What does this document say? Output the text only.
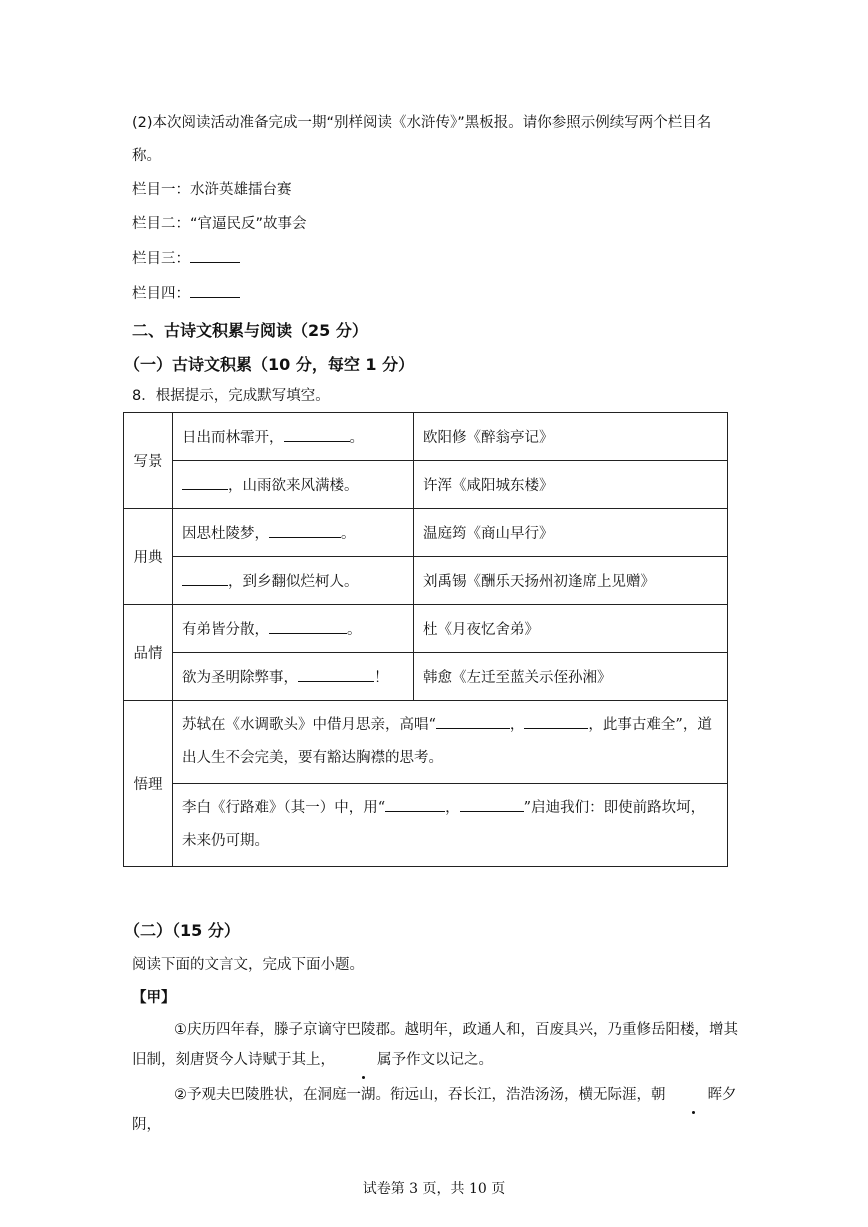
(2)本次阅读活动准备完成一期“别样阅读《水浒传》”黑板报。请你参照示例续写两个栏目名
称。
栏目一：水浒英雄擂台赛
栏目二：“官逼民反”故事会
栏目三：
栏目四：
二、古诗文积累与阅读（25 分）
（一）古诗文积累（10 分，每空 1 分）
8．根据提示，完成默写填空。
写景	日出而林霏开， 。	欧阳修《醉翁亭记》
	，山雨欲来风满楼。	许浑《咸阳城东楼》
用典	因思杜陵梦， 。	温庭筠《商山早行》
	，到乡翻似烂柯人。	刘禹锡《酬乐天扬州初逢席上见赠》
品情	有弟皆分散， 。	杜《月夜忆舍弟》
	欲为圣明除弊事， ！	韩愈《左迁至蓝关示侄孙湘》
悟理	苏轼在《水调歌头》中借月思亲，高唱“ ， ，此事古难全”，道出人生不会完美，要有豁达胸襟的思考。	
	李白《行路难》（其一）中，用“ ， ”启迪我们：即使前路坎坷，未来仍可期。	
（二）（15 分）
阅读下面的文言文，完成下面小题。
【甲】
①庆历四年春，滕子京谪守巴陵郡。越明年，政通人和，百废具兴，乃重修岳阳楼，增其旧制，刻唐贤今人诗赋于其上，	属予作文以记之。
②予观夫巴陵胜状，在洞庭一湖。衔远山，吞长江，浩浩汤汤，横无际涯，朝	晖夕阴，
试卷第 3 页，共 10 页
